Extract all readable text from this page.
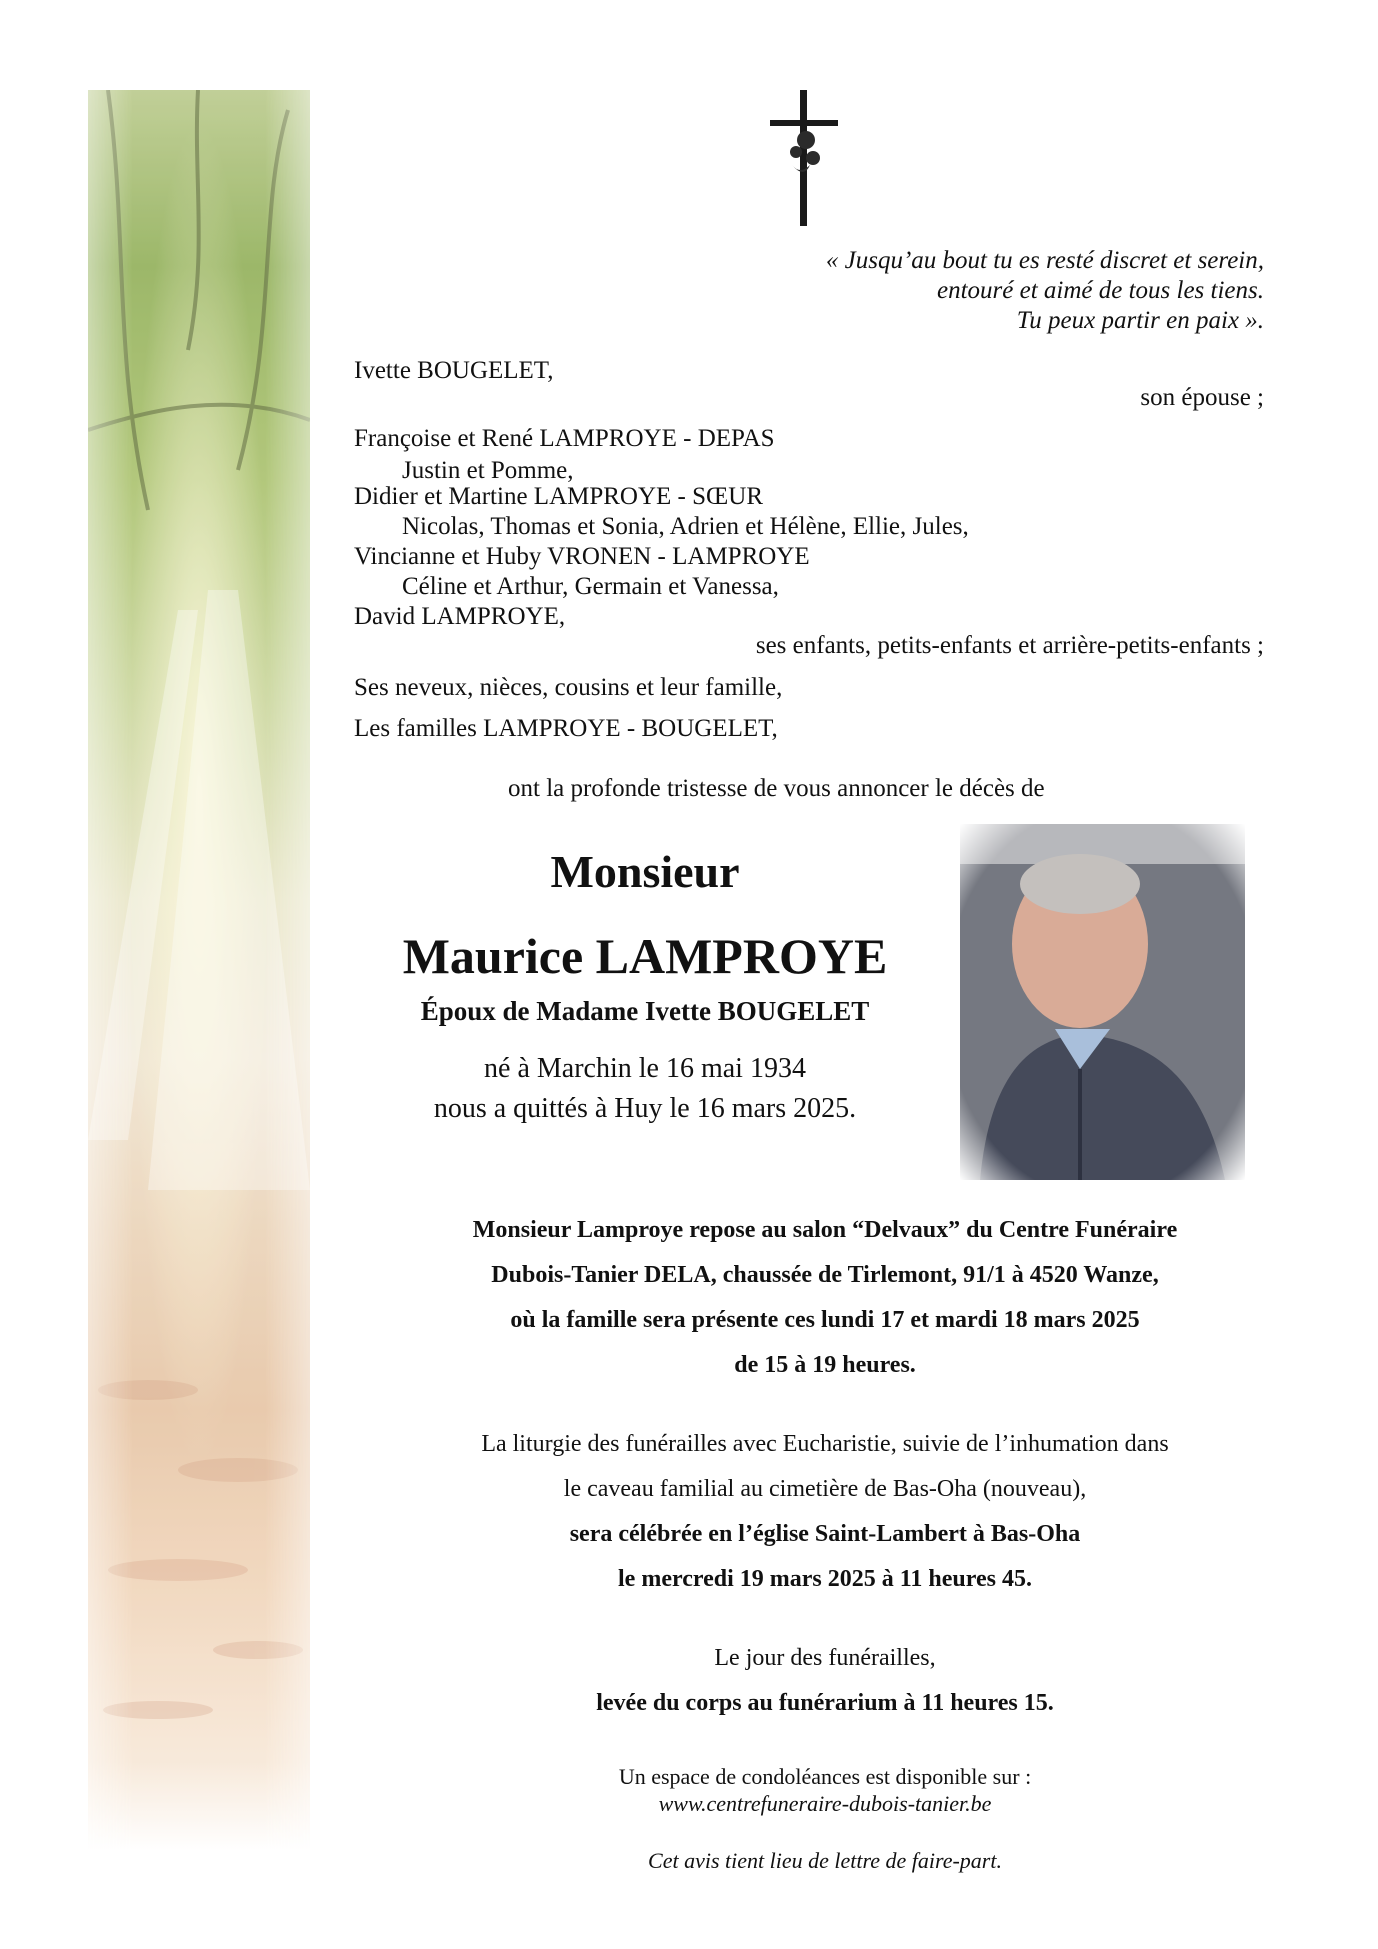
« Jusqu’au bout tu es resté discret et serein,

entouré et aimé de tous les tiens.

Tu peux partir en paix ».

Ivette BOUGELET,

son épouse ;

Françoise et René LAMPROYE - DEPAS

Justin et Pomme,

Didier et Martine LAMPROYE - SŒUR

Nicolas, Thomas et Sonia, Adrien et Hélène, Ellie, Jules,

Vincianne et Huby VRONEN - LAMPROYE

Céline et Arthur, Germain et Vanessa,

David LAMPROYE,

ses enfants, petits-enfants et arrière-petits-enfants ;

Ses neveux, nièces, cousins et leur famille,

Les familles LAMPROYE - BOUGELET,

ont la profonde tristesse de vous annoncer le décès de

Monsieur

Maurice LAMPROYE

Époux de Madame Ivette BOUGELET

né à Marchin le 16 mai 1934

nous a quittés à Huy le 16 mars 2025.

Monsieur Lamproye repose au salon “Delvaux” du Centre Funéraire

Dubois-Tanier DELA, chaussée de Tirlemont, 91/1 à 4520 Wanze,

où la famille sera présente ces lundi 17 et mardi 18 mars 2025

de 15 à 19 heures.

La liturgie des funérailles avec Eucharistie, suivie de l’inhumation dans

le caveau familial au cimetière de Bas-Oha (nouveau),

sera célébrée en l’église Saint-Lambert à Bas-Oha

le mercredi 19 mars 2025 à 11 heures 45.

Le jour des funérailles,

levée du corps au funérarium à 11 heures 15.

Un espace de condoléances est disponible sur :

www.centrefuneraire-dubois-tanier.be

Cet avis tient lieu de lettre de faire-part.
